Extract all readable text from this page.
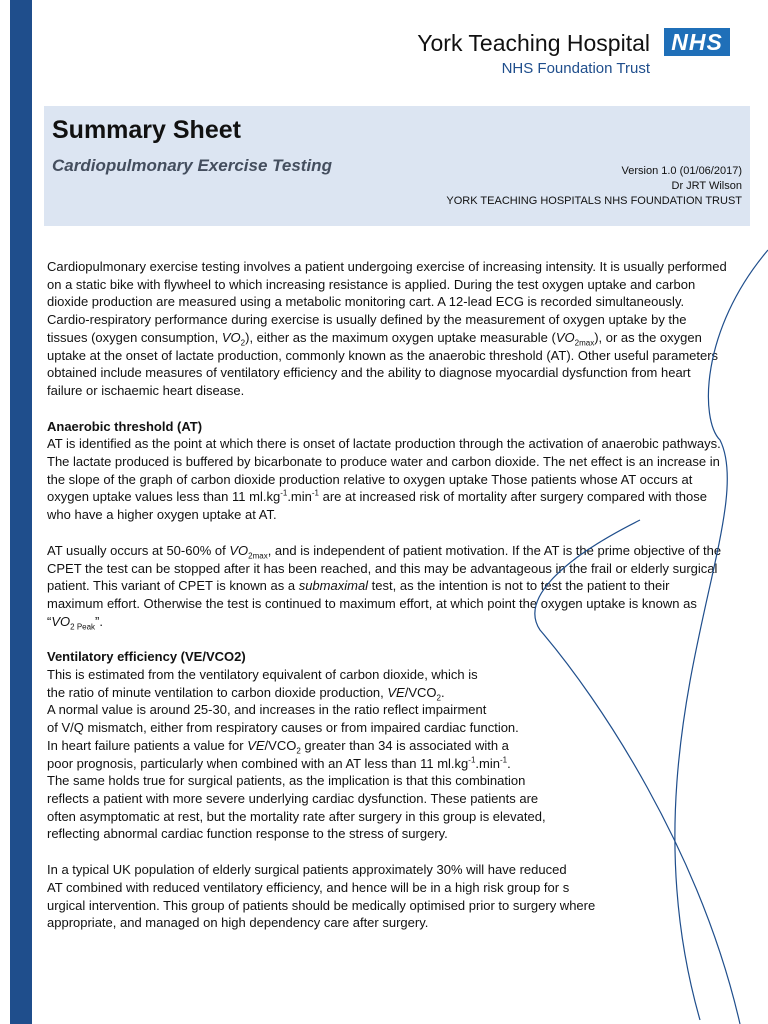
York Teaching Hospital
NHS Foundation Trust
NHS
Summary Sheet
Cardiopulmonary Exercise Testing	Version 1.0 (01/06/2017)
Dr JRT Wilson
YORK TEACHING HOSPITALS NHS FOUNDATION TRUST

Cardiopulmonary exercise testing involves a patient undergoing exercise of increasing intensity. It is usually performed on a static bike with flywheel to which increasing resistance is applied. During the test oxygen uptake and carbon dioxide production are measured using a metabolic monitoring cart. A 12-lead ECG is recorded simultaneously. Cardio-respiratory performance during exercise is usually defined by the measurement of oxygen uptake by the tissues (oxygen consumption, $VO_2$), either as the maximum oxygen uptake measurable $(VO_{2max})$, or as the oxygen uptake at the onset of lactate production, commonly known as the anaerobic threshold (AT). Other useful parameters obtained include measures of ventilatory efficiency and the ability to diagnose myocardial dysfunction from heart failure or ischaemic heart disease.

Anaerobic threshold (AT)
AT is identified as the point at which there is onset of lactate production through the activation of anaerobic pathways. The lactate produced is buffered by bicarbonate to produce water and carbon dioxide. The net effect is an increase in the slope of the graph of carbon dioxide production relative to oxygen uptake Those patients whose AT occurs at oxygen uptake values less than 11 $ml.kg^{-1}.\min^{-1}$ are at increased risk of mortality after surgery compared with those who have a higher oxygen uptake at AT.

AT usually occurs at 50-60% of $VO_{2max}$, and is independent of patient motivation. If the AT is the prime objective of the CPET the test can be stopped after it has been reached, and this may be advantageous in the frail or elderly surgical patient. This variant of CPET is known as a submaximal test, as the intention is not to test the patient to their maximum effort. Otherwise the test is continued to maximum effort, at which point the oxygen uptake is known as “$VO_{2 Peak}$”.

Ventilatory efficiency (VE/VCO2)
This is estimated from the ventilatory equivalent of carbon dioxide, which is
the ratio of minute ventilation to carbon dioxide production, $VE/VCO_2$.
A normal value is around 25-30, and increases in the ratio reflect impairment
of V/Q mismatch, either from respiratory causes or from impaired cardiac function.
In heart failure patients a value for $VE/VCO_2$ greater than 34 is associated with a
poor prognosis, particularly when combined with an AT less than 11 $ml.kg^{-1}.\min^{-1}$.
The same holds true for surgical patients, as the implication is that this combination
reflects a patient with more severe underlying cardiac dysfunction. These patients are
often asymptomatic at rest, but the mortality rate after surgery in this group is elevated,
reflecting abnormal cardiac function response to the stress of surgery.
In a typical UK population of elderly surgical patients approximately 30% will have reduced
AT combined with reduced ventilatory efficiency, and hence will be in a high risk group for s
urgical intervention. This group of patients should be medically optimised prior to surgery where
appropriate, and managed on high dependency care after surgery.
